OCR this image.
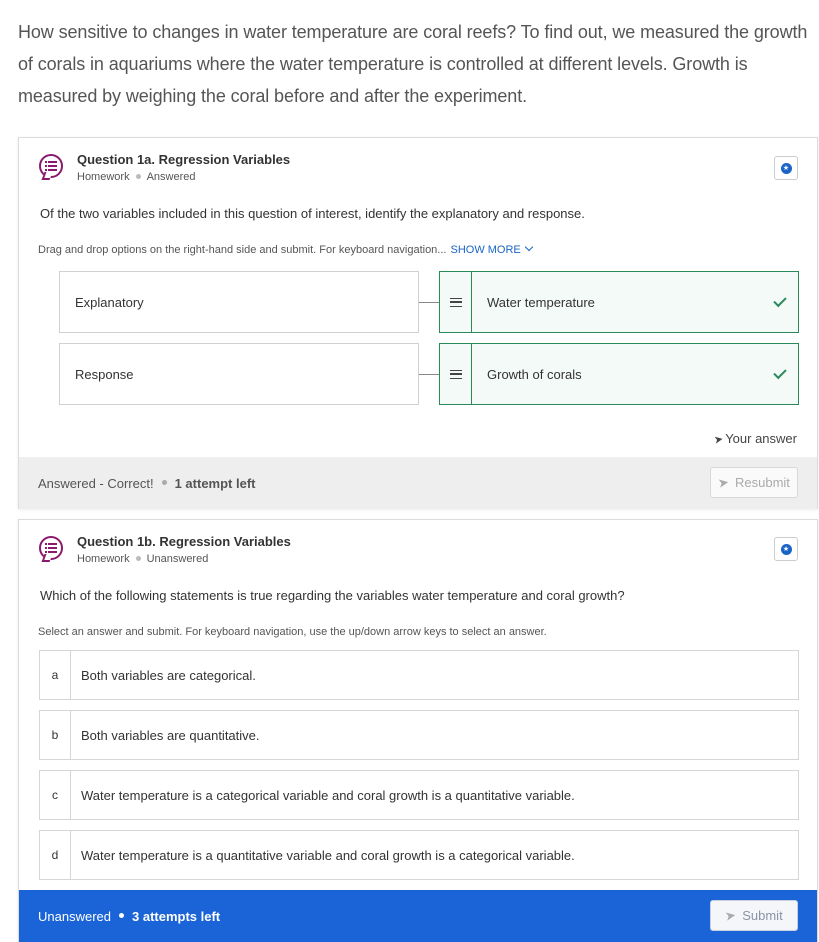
How sensitive to changes in water temperature are coral reefs? To find out, we measured the growth of corals in aquariums where the water temperature is controlled at different levels. Growth is measured by weighing the coral before and after the experiment.

Question 1a. Regression Variables
Homework Answered
★
Of the two variables included in this question of interest, identify the explanatory and response.
Drag and drop options on the right-hand side and submit. For keyboard navigation... SHOW MORE
Explanatory	Water temperature
Response	Growth of corals
➤Your answer
Answered - Correct! 1 attempt left	➤ Resubmit
Question 1b. Regression Variables
Homework Unanswered
★
Which of the following statements is true regarding the variables water temperature and coral growth?
Select an answer and submit. For keyboard navigation, use the up/down arrow keys to select an answer.
a	Both variables are categorical.
b	Both variables are quantitative.
c	Water temperature is a categorical variable and coral growth is a quantitative variable.
d	Water temperature is a quantitative variable and coral growth is a categorical variable.
Unanswered 3 attempts left	➤ Submit
